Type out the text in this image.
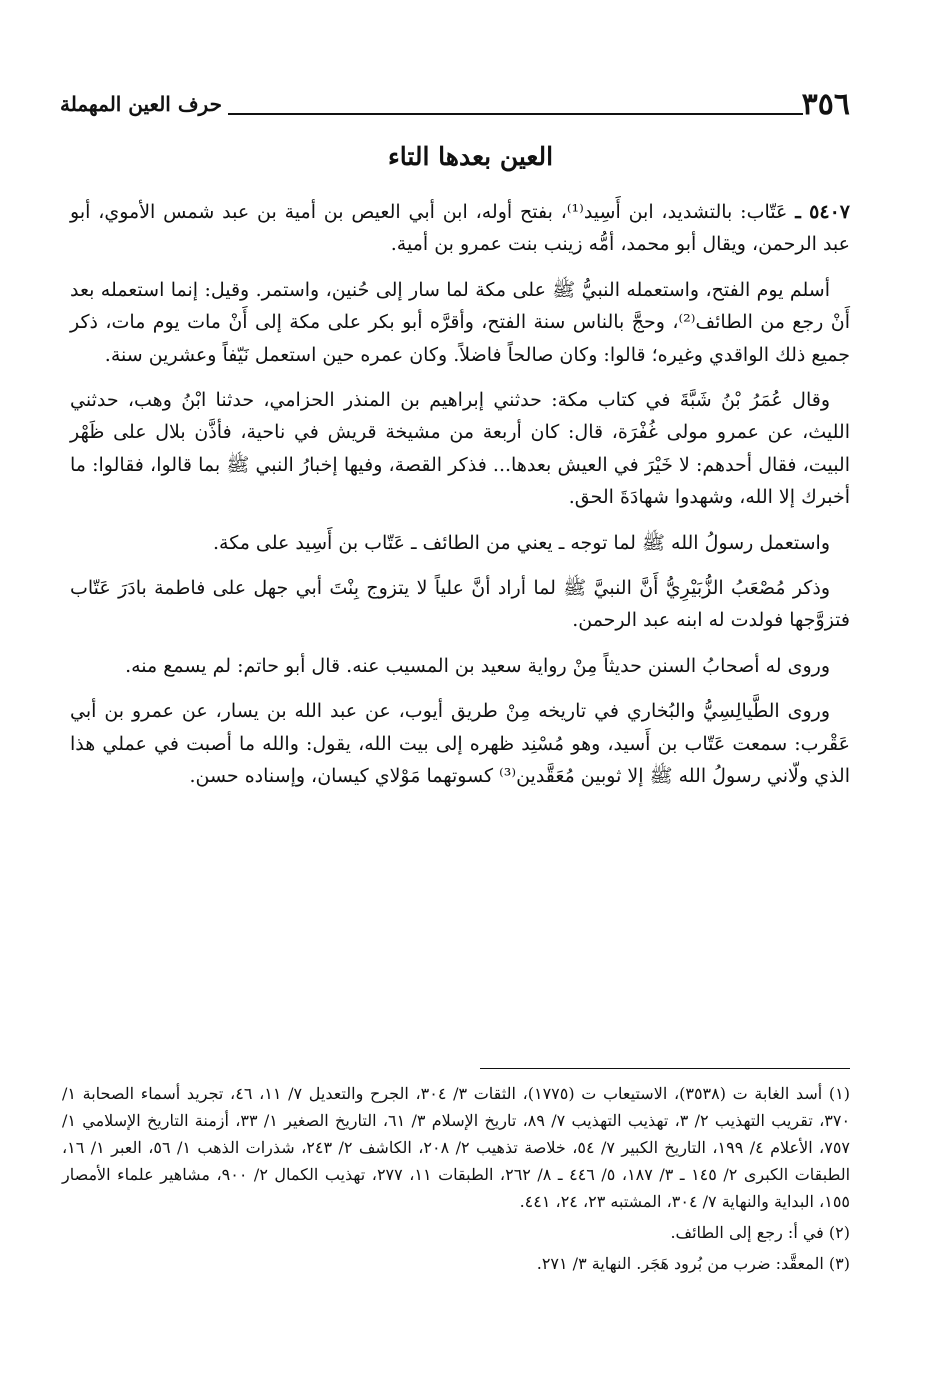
٣٥٦
حرف العين المهملة
العين بعدها التاء

٥٤٠٧ ـ عَتّاب: بالتشديد، ابن أَسِيد⁽¹⁾، بفتح أوله، ابن أبي العيص بن أمية بن عبد شمس الأموي، أبو عبد الرحمن، ويقال أبو محمد، أمُّه زينب بنت عمرو بن أمية.

أسلم يوم الفتح، واستعمله النبيُّ ﷺ على مكة لما سار إلى حُنين، واستمر. وقيل: إنما استعمله بعد أَنْ رجع من الطائف⁽²⁾، وحجَّ بالناس سنة الفتح، وأقرَّه أبو بكر على مكة إلى أَنْ مات يوم مات، ذكر جميع ذلك الواقدي وغيره؛ قالوا: وكان صالحاً فاضلاً. وكان عمره حين استعمل نَيّفاً وعشرين سنة.

وقال عُمَرُ بْنُ شَبَّةَ في كتاب مكة: حدثني إبراهيم بن المنذر الحزامي، حدثنا ابْنُ وهب، حدثني الليث، عن عمرو مولى غُفْرَة، قال: كان أربعة من مشيخة قريش في ناحية، فأذَّن بلال على ظَهْر البيت، فقال أحدهم: لا خَيْرَ في العيش بعدها... فذكر القصة، وفيها إخبارُ النبي ﷺ بما قالوا، فقالوا: ما أخبرك إلا الله، وشهدوا شهادَةَ الحق.

واستعمل رسولُ الله ﷺ لما توجه ـ يعني من الطائف ـ عَتّاب بن أَسِيد على مكة.

وذكر مُصْعَبُ الزُّبَيْرِيُّ أَنَّ النبيَّ ﷺ لما أراد أنَّ علياً لا يتزوج بِنْتَ أبي جهل على فاطمة بادَرَ عَتّاب فتزوَّجها فولدت له ابنه عبد الرحمن.

وروى له أصحابُ السنن حديثاً مِنْ رواية سعيد بن المسيب عنه. قال أبو حاتم: لم يسمع منه.

وروى الطَّيالِسِيُّ والبُخاري في تاريخه مِنْ طريق أيوب، عن عبد الله بن يسار، عن عمرو بن أبي عَقْرب: سمعت عَتّاب بن أَسيد، وهو مُسْنِد ظهره إلى بيت الله، يقول: والله ما أصبت في عملي هذا الذي ولّاني رسولُ الله ﷺ إلا ثوبين مُعَقَّدين⁽³⁾ كسوتهما مَوْلاي كيسان، وإسناده حسن.

(١) أسد الغابة ت (٣٥٣٨)، الاستيعاب ت (١٧٧٥)، الثقات ٣/ ٣٠٤، الجرح والتعديل ٧/ ١١، ٤٦، تجريد أسماء الصحابة ١/ ٣٧٠، تقريب التهذيب ٢/ ٣، تهذيب التهذيب ٧/ ٨٩، تاريخ الإسلام ٣/ ٦١، التاريخ الصغير ١/ ٣٣، أزمنة التاريخ الإسلامي ١/ ٧٥٧، الأعلام ٤/ ١٩٩، التاريخ الكبير ٧/ ٥٤، خلاصة تذهيب ٢/ ٢٠٨، الكاشف ٢/ ٢٤٣، شذرات الذهب ١/ ٥٦، العبر ١/ ١٦، الطبقات الكبرى ٢/ ١٤٥ ـ ٣/ ١٨٧، ٥/ ٤٤٦ ـ ٨/ ٢٦٢، الطبقات ١١، ٢٧٧، تهذيب الكمال ٢/ ٩٠٠، مشاهير علماء الأمصار ١٥٥، البداية والنهاية ٧/ ٣٠٤، المشتبه ٢٣، ٢٤، ٤٤١.

(٢) في أ: رجع إلى الطائف.

(٣) المعقَّد: ضرب من بُرود هَجَر. النهاية ٣/ ٢٧١.
